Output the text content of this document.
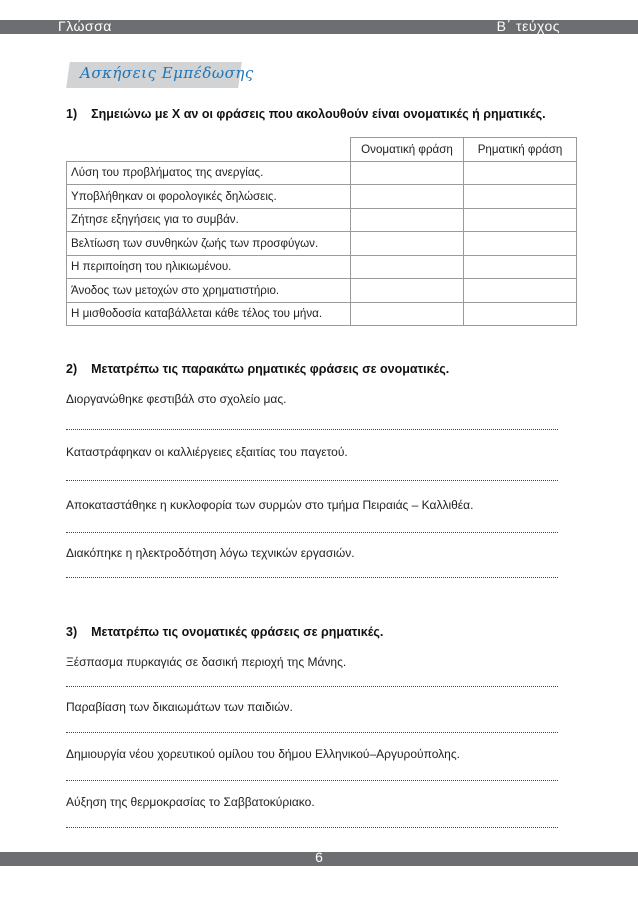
Γλώσσα	Β΄ τεύχος
Ασκήσεις Εμπέδωσης
1) Σημειώνω με Χ αν οι φράσεις που ακολουθούν είναι ονοματικές ή ρηματικές.
	Ονοματική φράση	Ρηματική φράση
Λύση του προβλήματος της ανεργίας.		
Υποβλήθηκαν οι φορολογικές δηλώσεις.		
Ζήτησε εξηγήσεις για το συμβάν.		
Βελτίωση των συνθηκών ζωής των προσφύγων.		
Η περιποίηση του ηλικιωμένου.		
Άνοδος των μετοχών στο χρηματιστήριο.		
Η μισθοδοσία καταβάλλεται κάθε τέλος του μήνα.		
2) Μετατρέπω τις παρακάτω ρηματικές φράσεις σε ονοματικές.
Διοργανώθηκε φεστιβάλ στο σχολείο μας.
Καταστράφηκαν οι καλλιέργειες εξαιτίας του παγετού.
Αποκαταστάθηκε η κυκλοφορία των συρμών στο τμήμα Πειραιάς – Καλλιθέα.
Διακόπηκε η ηλεκτροδότηση λόγω τεχνικών εργασιών.
3) Μετατρέπω τις ονοματικές φράσεις σε ρηματικές.
Ξέσπασμα πυρκαγιάς σε δασική περιοχή της Μάνης.
Παραβίαση των δικαιωμάτων των παιδιών.
Δημιουργία νέου χορευτικού ομίλου του δήμου Ελληνικού–Αργυρούπολης.
Αύξηση της θερμοκρασίας το Σαββατοκύριακο.
6
